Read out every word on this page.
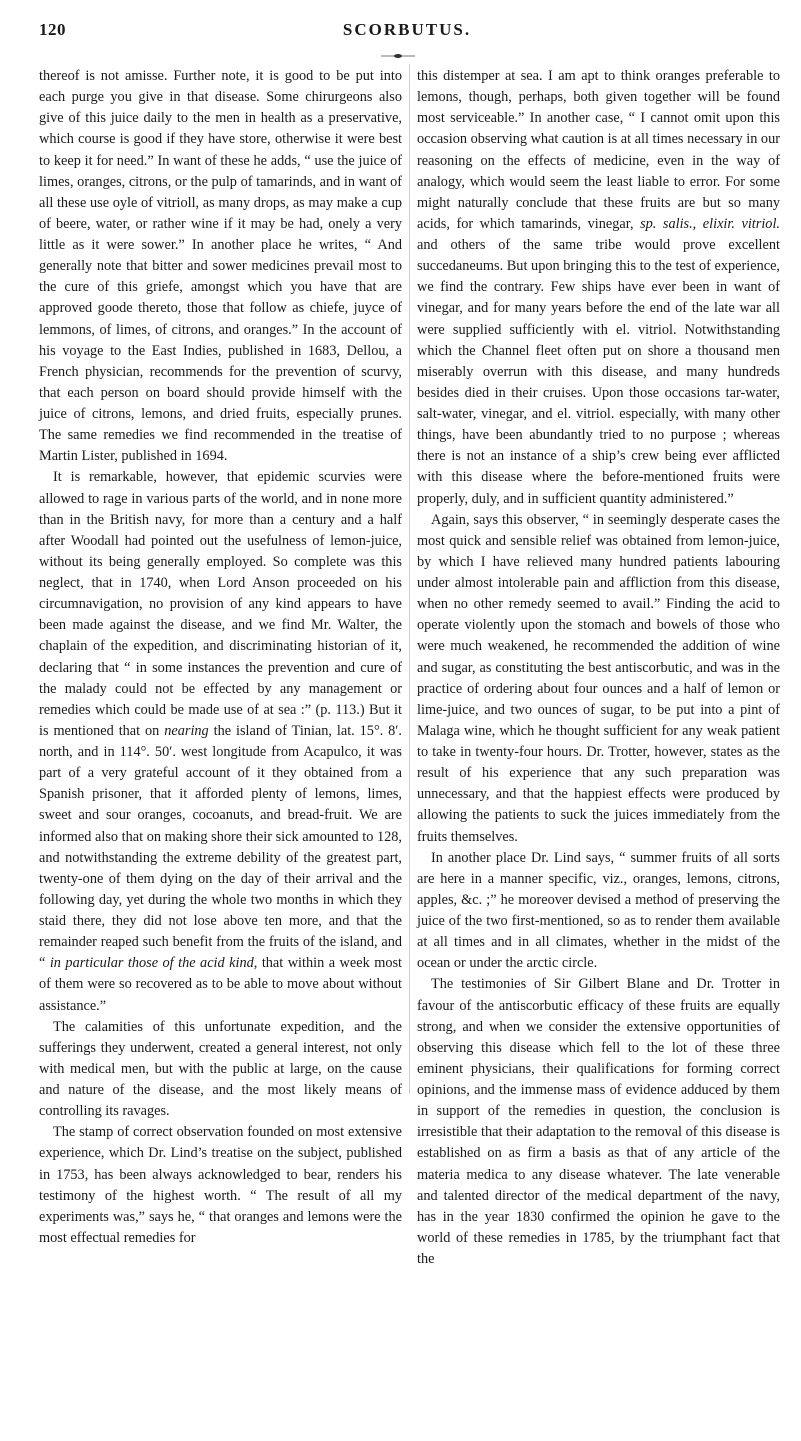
120	SCORBUTUS.

thereof is not amisse. Further note, it is good to be put into each purge you give in that disease. Some chirurgeons also give of this juice daily to the men in health as a preservative, which course is good if they have store, otherwise it were best to keep it for need.” In want of these he adds, “ use the juice of limes, oranges, citrons, or the pulp of tamarinds, and in want of all these use oyle of vitrioll, as many drops, as may make a cup of beere, water, or rather wine if it may be had, onely a very little as it were sower.” In another place he writes, “ And generally note that bitter and sower medicines prevail most to the cure of this griefe, amongst which you have that are approved goode thereto, those that follow as chiefe, juyce of lemmons, of limes, of citrons, and oranges.” In the account of his voyage to the East Indies, published in 1683, Dellou, a French physician, recommends for the prevention of scurvy, that each person on board should provide himself with the juice of citrons, lemons, and dried fruits, especially prunes. The same remedies we find recommended in the treatise of Martin Lister, published in 1694.

It is remarkable, however, that epidemic scurvies were allowed to rage in various parts of the world, and in none more than in the British navy, for more than a century and a half after Woodall had pointed out the usefulness of lemon-juice, without its being generally employed. So complete was this neglect, that in 1740, when Lord Anson proceeded on his circumnavigation, no provision of any kind appears to have been made against the disease, and we find Mr. Walter, the chaplain of the expedition, and discriminating historian of it, declaring that “ in some instances the prevention and cure of the malady could not be effected by any management or remedies which could be made use of at sea :” (p. 113.) But it is mentioned that on nearing the island of Tinian, lat. 15°. 8′. north, and in 114°. 50′. west longitude from Acapulco, it was part of a very grateful account of it they obtained from a Spanish prisoner, that it afforded plenty of lemons, limes, sweet and sour oranges, cocoanuts, and bread-fruit. We are informed also that on making shore their sick amounted to 128, and notwithstanding the extreme debility of the greatest part, twenty-one of them dying on the day of their arrival and the following day, yet during the whole two months in which they staid there, they did not lose above ten more, and that the remainder reaped such benefit from the fruits of the island, and “ in particular those of the acid kind, that within a week most of them were so recovered as to be able to move about without assistance.”

The calamities of this unfortunate expedition, and the sufferings they underwent, created a general interest, not only with medical men, but with the public at large, on the cause and nature of the disease, and the most likely means of controlling its ravages.

The stamp of correct observation founded on most extensive experience, which Dr. Lind’s treatise on the subject, published in 1753, has been always acknowledged to bear, renders his testimony of the highest worth. “ The result of all my experiments was,” says he, “ that oranges and lemons were the most effectual remedies for

this distemper at sea. I am apt to think oranges preferable to lemons, though, perhaps, both given together will be found most serviceable.” In another case, “ I cannot omit upon this occasion observing what caution is at all times necessary in our reasoning on the effects of medicine, even in the way of analogy, which would seem the least liable to error. For some might naturally conclude that these fruits are but so many acids, for which tamarinds, vinegar, sp. salis., elixir. vitriol. and others of the same tribe would prove excellent succedaneums. But upon bringing this to the test of experience, we find the contrary. Few ships have ever been in want of vinegar, and for many years before the end of the late war all were supplied sufficiently with el. vitriol. Notwithstanding which the Channel fleet often put on shore a thousand men miserably overrun with this disease, and many hundreds besides died in their cruises. Upon those occasions tar-water, salt-water, vinegar, and el. vitriol. especially, with many other things, have been abundantly tried to no purpose ; whereas there is not an instance of a ship’s crew being ever afflicted with this disease where the before-mentioned fruits were properly, duly, and in sufficient quantity administered.”

Again, says this observer, “ in seemingly desperate cases the most quick and sensible relief was obtained from lemon-juice, by which I have relieved many hundred patients labouring under almost intolerable pain and affliction from this disease, when no other remedy seemed to avail.” Finding the acid to operate violently upon the stomach and bowels of those who were much weakened, he recommended the addition of wine and sugar, as constituting the best antiscorbutic, and was in the practice of ordering about four ounces and a half of lemon or lime-juice, and two ounces of sugar, to be put into a pint of Malaga wine, which he thought sufficient for any weak patient to take in twenty-four hours. Dr. Trotter, however, states as the result of his experience that any such preparation was unnecessary, and that the happiest effects were produced by allowing the patients to suck the juices immediately from the fruits themselves.

In another place Dr. Lind says, “ summer fruits of all sorts are here in a manner specific, viz., oranges, lemons, citrons, apples, &c. ;” he moreover devised a method of preserving the juice of the two first-mentioned, so as to render them available at all times and in all climates, whether in the midst of the ocean or under the arctic circle.

The testimonies of Sir Gilbert Blane and Dr. Trotter in favour of the antiscorbutic efficacy of these fruits are equally strong, and when we consider the extensive opportunities of observing this disease which fell to the lot of these three eminent physicians, their qualifications for forming correct opinions, and the immense mass of evidence adduced by them in support of the remedies in question, the conclusion is irresistible that their adaptation to the removal of this disease is established on as firm a basis as that of any article of the materia medica to any disease whatever. The late venerable and talented director of the medical department of the navy, has in the year 1830 confirmed the opinion he gave to the world of these remedies in 1785, by the triumphant fact that the
